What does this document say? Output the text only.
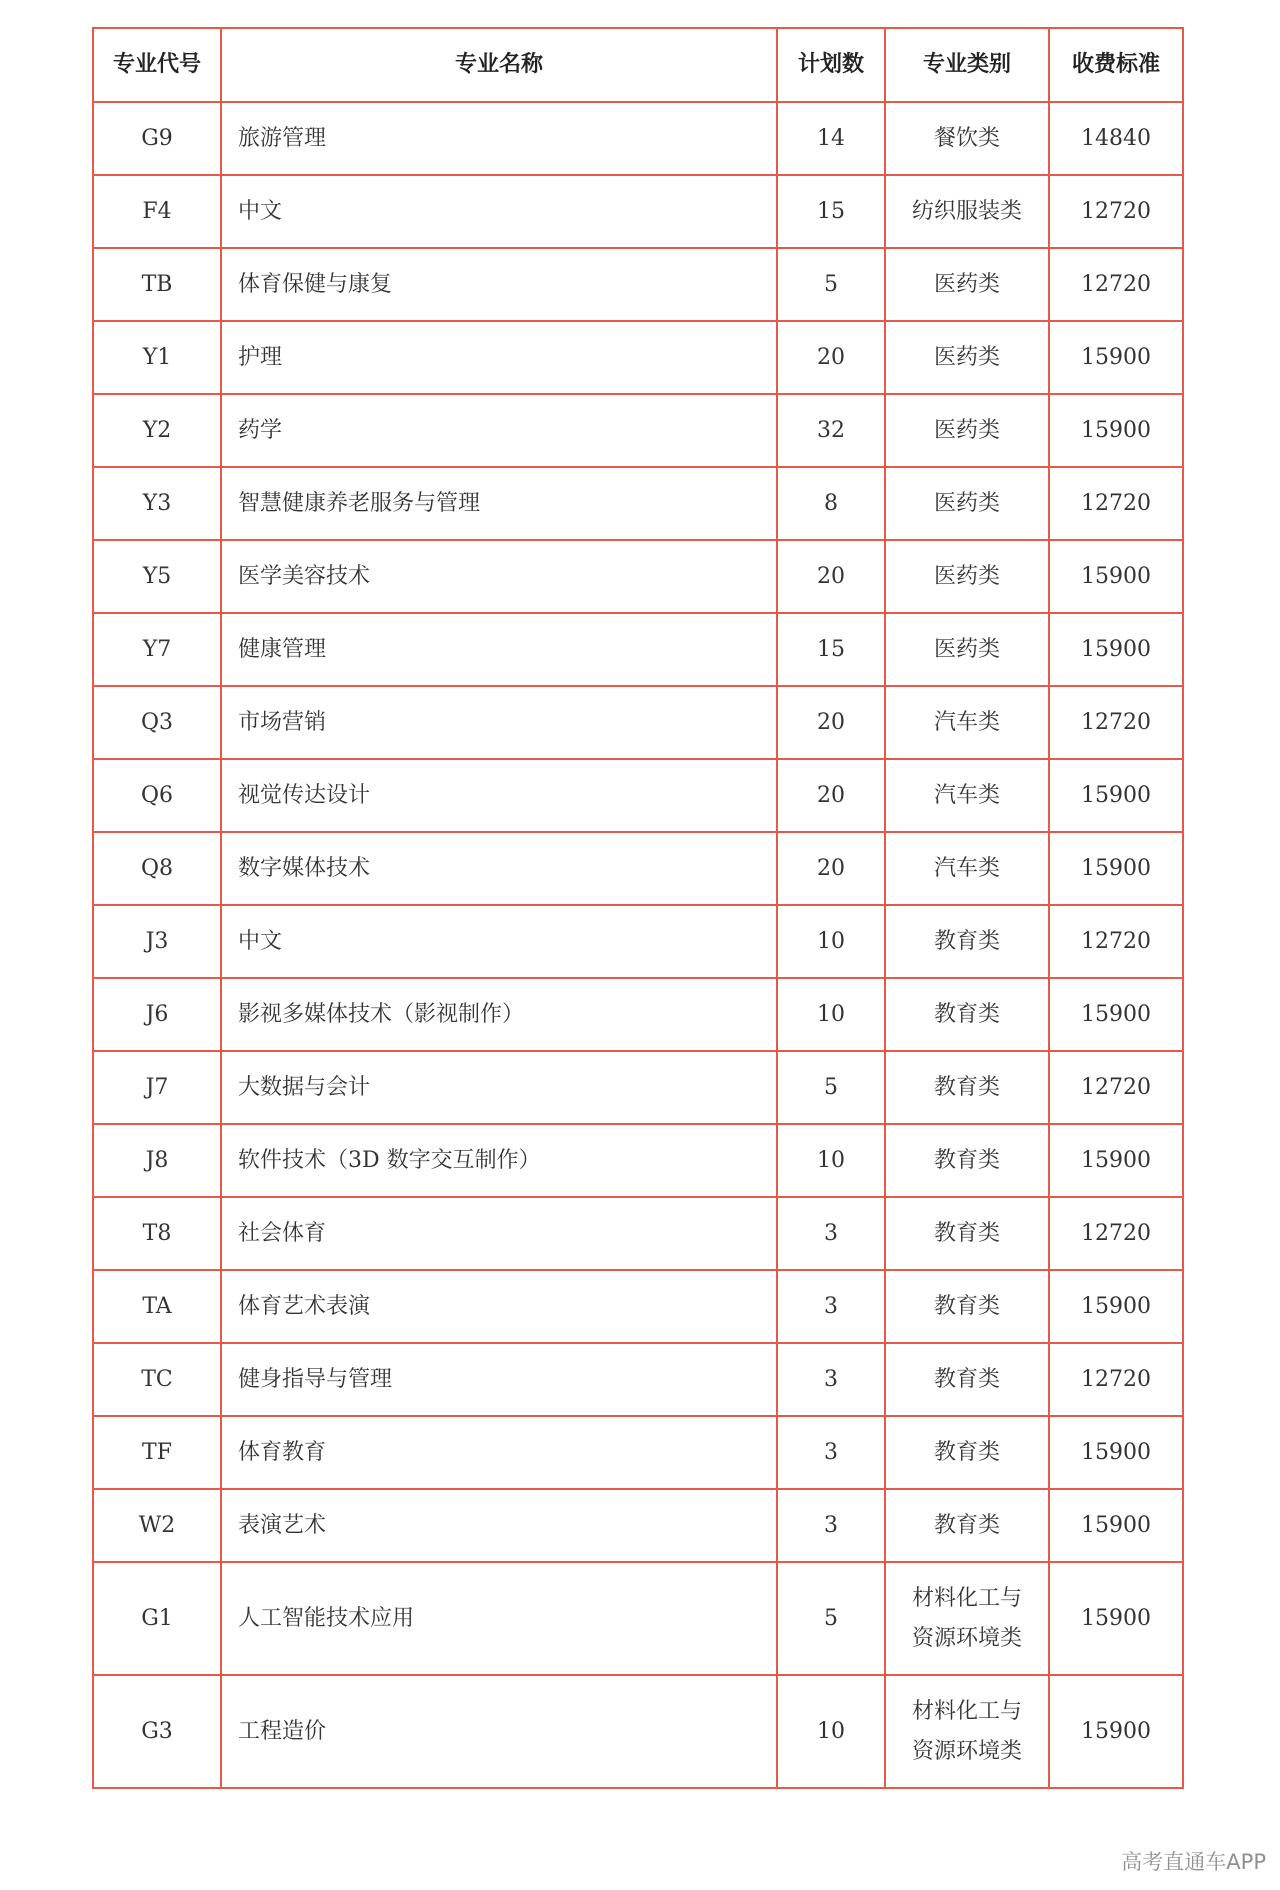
专业代号	专业名称	计划数	专业类别	收费标准
G9	旅游管理	14	餐饮类	14840
F4	中文	15	纺织服装类	12720
TB	体育保健与康复	5	医药类	12720
Y1	护理	20	医药类	15900
Y2	药学	32	医药类	15900
Y3	智慧健康养老服务与管理	8	医药类	12720
Y5	医学美容技术	20	医药类	15900
Y7	健康管理	15	医药类	15900
Q3	市场营销	20	汽车类	12720
Q6	视觉传达设计	20	汽车类	15900
Q8	数字媒体技术	20	汽车类	15900
J3	中文	10	教育类	12720
J6	影视多媒体技术（影视制作）	10	教育类	15900
J7	大数据与会计	5	教育类	12720
J8	软件技术（3D 数字交互制作）	10	教育类	15900
T8	社会体育	3	教育类	12720
TA	体育艺术表演	3	教育类	15900
TC	健身指导与管理	3	教育类	12720
TF	体育教育	3	教育类	15900
W2	表演艺术	3	教育类	15900
G1	人工智能技术应用	5	材料化工与资源环境类	15900
G3	工程造价	10	材料化工与资源环境类	15900
高考直通车APP
